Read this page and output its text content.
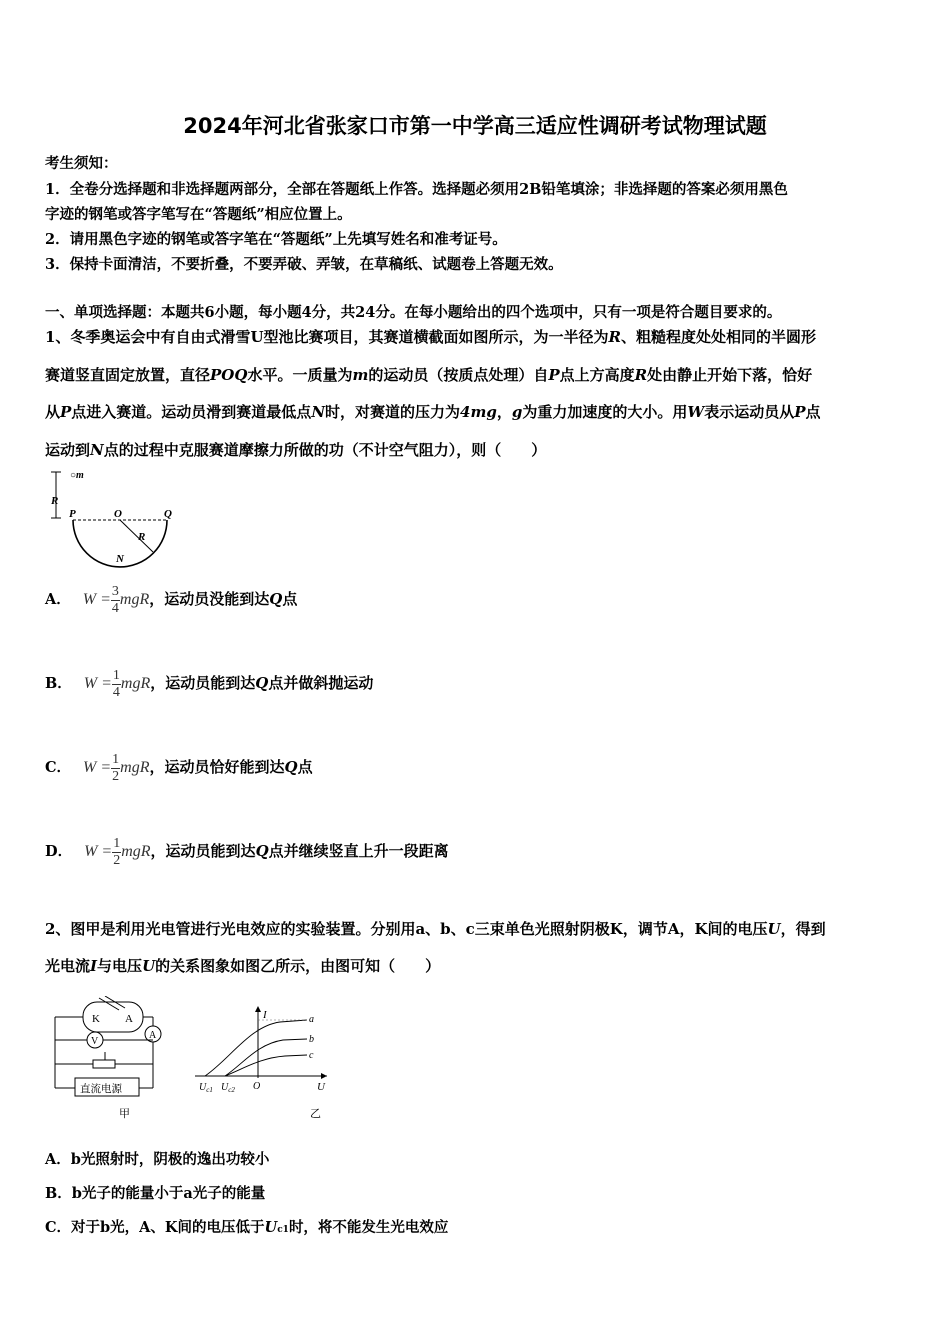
2024年河北省张家口市第一中学高三适应性调研考试物理试题
考生须知：
1．全卷分选择题和非选择题两部分，全部在答题纸上作答。选择题必须用2B铅笔填涂；非选择题的答案必须用黑色
字迹的钢笔或答字笔写在“答题纸”相应位置上。
2．请用黑色字迹的钢笔或答字笔在“答题纸”上先填写姓名和准考证号。
3．保持卡面清洁，不要折叠，不要弄破、弄皱，在草稿纸、试题卷上答题无效。
一、单项选择题：本题共6小题，每小题4分，共24分。在每小题给出的四个选项中，只有一项是符合题目要求的。
1、冬季奥运会中有自由式滑雪U型池比赛项目，其赛道横截面如图所示，为一半径为R、粗糙程度处处相同的半圆形
赛道竖直固定放置，直径POQ水平。一质量为m的运动员（按质点处理）自P点上方高度R处由静止开始下落，恰好
从P点进入赛道。运动员滑到赛道最低点N时，对赛道的压力为4mg，g为重力加速度的大小。用W表示运动员从P点
运动到N点的过程中克服赛道摩擦力所做的功（不计空气阻力），则（　　）
○m
R
P	O	Q
R
N
A． $W = \frac{3}{4}$ mgR，运动员没能到达Q点
B． $W = \frac{1}{4}$ mgR，运动员能到达Q点并做斜抛运动
C． $W = \frac{1}{2}$ mgR，运动员恰好能到达Q点
D． $W = \frac{1}{2}$ mgR，运动员能到达Q点并继续竖直上升一段距离
2、图甲是利用光电管进行光电效应的实验装置。分别用a、b、c三束单色光照射阴极K，调节A，K间的电压U，得到
光电流I与电压U的关系图象如图乙所示，由图可知（　　）
K A
A
V
直流电源
甲
I
U
O
a
b
c
$U_{c1}$ $U_{c2}$
乙
A．b光照射时，阴极的逸出功较小
B．b光子的能量小于a光子的能量
C．对于b光，A、K间的电压低于Uc1时，将不能发生光电效应
